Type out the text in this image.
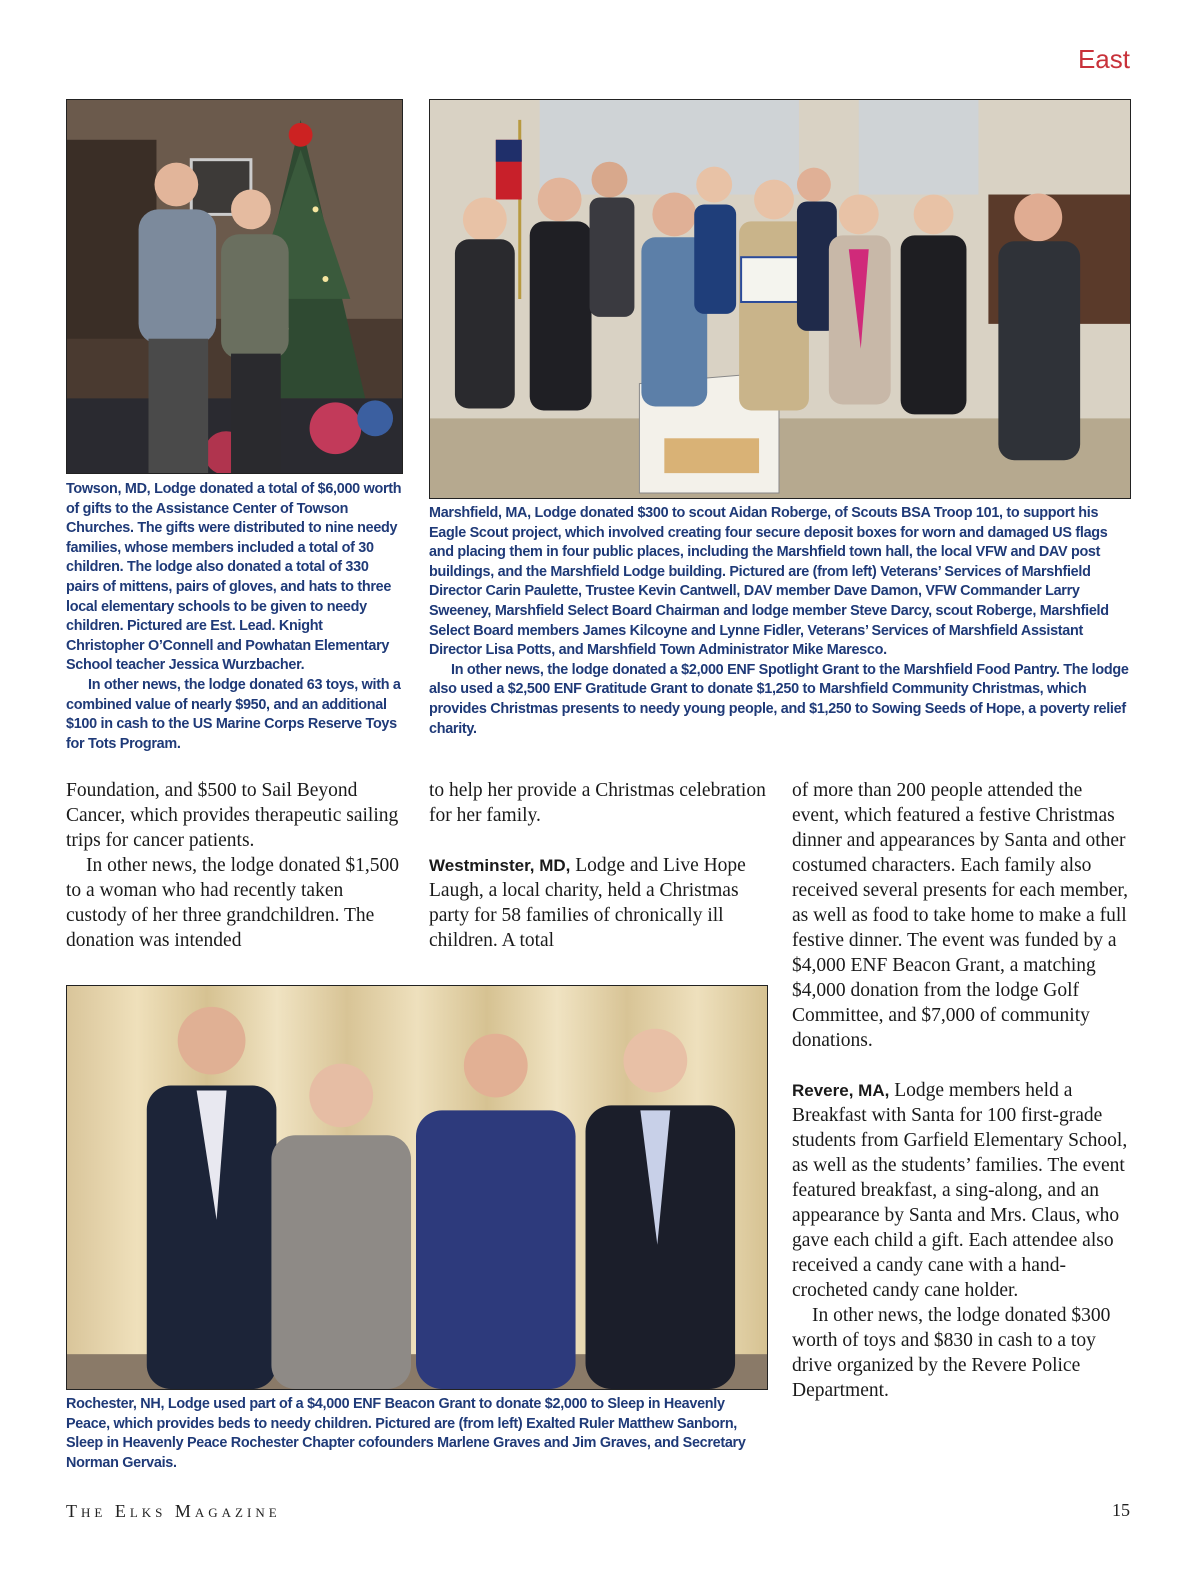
East

Towson, MD, Lodge donated a total of $6,000 worth of gifts to the Assistance Center of Towson Churches. The gifts were distributed to nine needy families, whose members included a total of 30 children. The lodge also donated a total of 330 pairs of mittens, pairs of gloves, and hats to three local elementary schools to be given to needy children. Pictured are Est. Lead. Knight Christopher O’Connell and Powhatan Elementary School teacher Jessica Wurzbacher.

In other news, the lodge donated 63 toys, with a combined value of nearly $950, and an additional $100 in cash to the US Marine Corps Reserve Toys for Tots Program.

Marshfield, MA, Lodge donated $300 to scout Aidan Roberge, of Scouts BSA Troop 101, to support his Eagle Scout project, which involved creating four secure deposit boxes for worn and damaged US flags and placing them in four public places, including the Marshfield town hall, the local VFW and DAV post buildings, and the Marshfield Lodge building. Pictured are (from left) Veterans’ Services of Marshfield Director Carin Paulette, Trustee Kevin Cantwell, DAV member Dave Damon, VFW Commander Larry Sweeney, Marshfield Select Board Chairman and lodge member Steve Darcy, scout Roberge, Marshfield Select Board members James Kilcoyne and Lynne Fidler, Veterans’ Services of Marshfield Assistant Director Lisa Potts, and Marshfield Town Administrator Mike Maresco.

In other news, the lodge donated a $2,000 ENF Spotlight Grant to the Marshfield Food Pantry. The lodge also used a $2,500 ENF Gratitude Grant to donate $1,250 to Marshfield Community Christmas, which provides Christmas presents to needy young people, and $1,250 to Sowing Seeds of Hope, a poverty relief charity.

Foundation, and $500 to Sail Beyond Cancer, which provides therapeutic sailing trips for cancer patients.

In other news, the lodge donated $1,500 to a woman who had recently taken custody of her three grandchildren. The donation was intended

to help her provide a Christmas celebration for her family.

Westminster, MD, Lodge and Live Hope Laugh, a local charity, held a Christmas party for 58 families of chronically ill children. A total

of more than 200 people attended the event, which featured a festive Christmas dinner and appearances by Santa and other costumed characters. Each family also received several presents for each member, as well as food to take home to make a full festive dinner. The event was funded by a $4,000 ENF Beacon Grant, a matching $4,000 donation from the lodge Golf Committee, and $7,000 of community donations.

Revere, MA, Lodge members held a Breakfast with Santa for 100 first-grade students from Garfield Elementary School, as well as the students’ families. The event featured breakfast, a sing-along, and an appearance by Santa and Mrs. Claus, who gave each child a gift. Each attendee also received a candy cane with a hand-crocheted candy cane holder.

In other news, the lodge donated $300 worth of toys and $830 in cash to a toy drive organized by the Revere Police Department.

Rochester, NH, Lodge used part of a $4,000 ENF Beacon Grant to donate $2,000 to Sleep in Heavenly Peace, which provides beds to needy children. Pictured are (from left) Exalted Ruler Matthew Sanborn, Sleep in Heavenly Peace Rochester Chapter cofounders Marlene Graves and Jim Graves, and Secretary Norman Gervais.

The Elks Magazine	15
